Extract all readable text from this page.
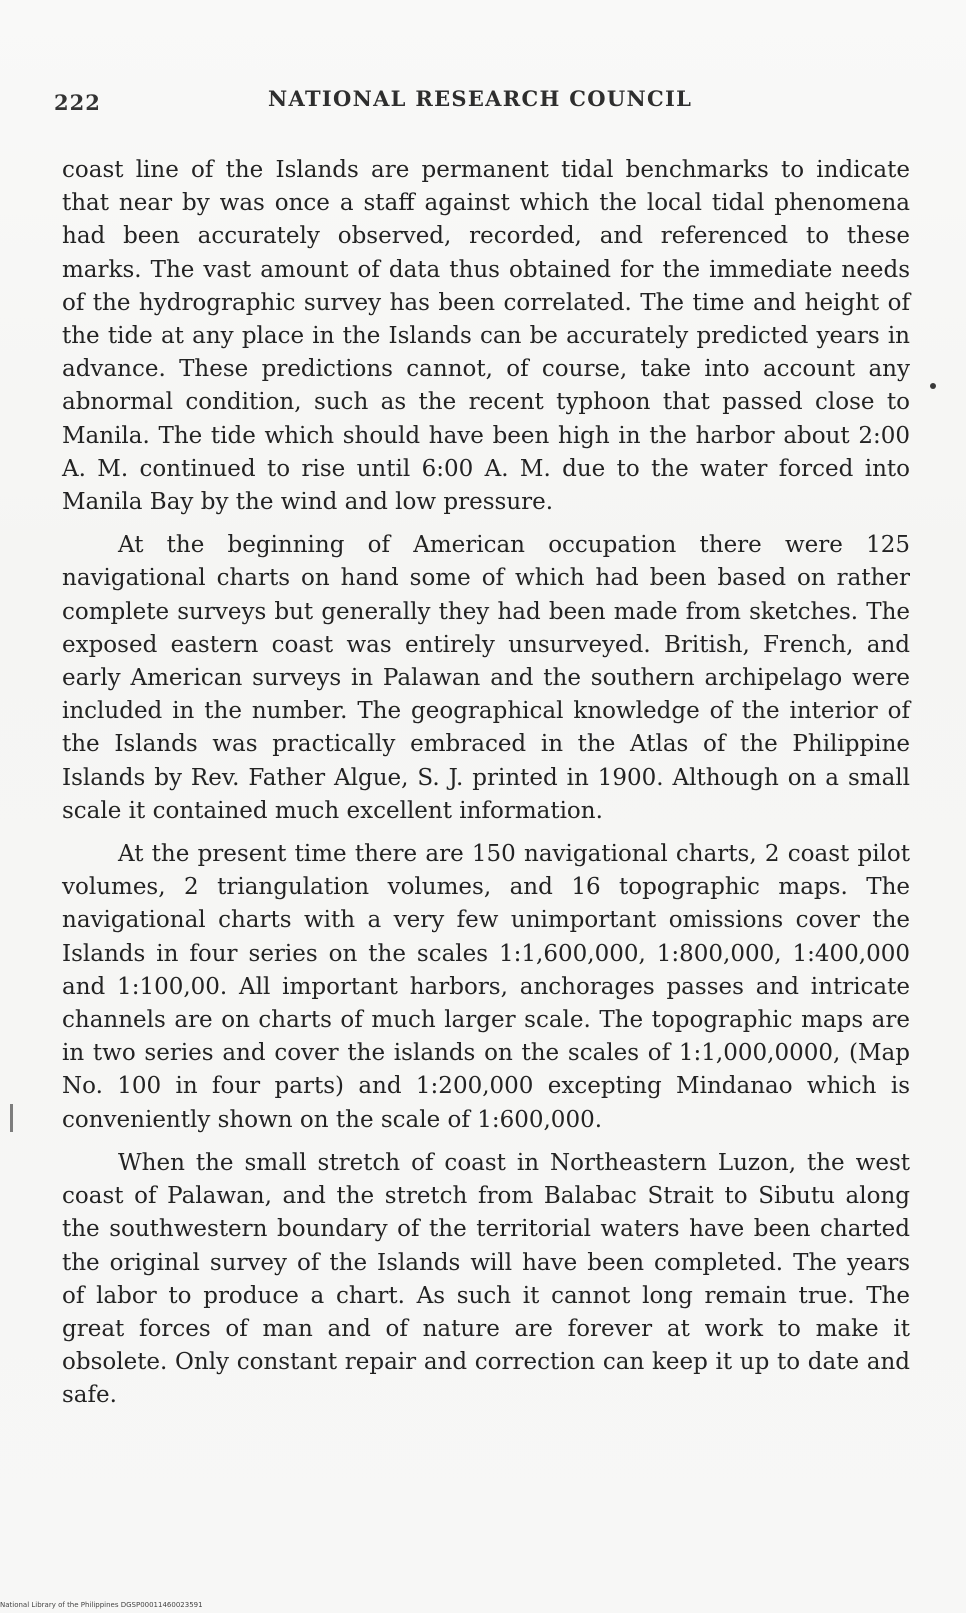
222	NATIONAL RESEARCH COUNCIL

coast line of the Islands are permanent tidal benchmarks to indicate that near by was once a staff against which the local tidal phenomena had been accurately observed, recorded, and referenced to these marks. The vast amount of data thus obtained for the immediate needs of the hydrographic survey has been correlated. The time and height of the tide at any place in the Islands can be accurately predicted years in advance. These predictions cannot, of course, take into account any abnormal condition, such as the recent typhoon that passed close to Manila. The tide which should have been high in the harbor about 2:00 A. M. continued to rise until 6:00 A. M. due to the water forced into Manila Bay by the wind and low pressure.

At the beginning of American occupation there were 125 navigational charts on hand some of which had been based on rather complete surveys but generally they had been made from sketches. The exposed eastern coast was entirely unsurveyed. British, French, and early American surveys in Palawan and the southern archipelago were included in the number. The geographical knowledge of the interior of the Islands was practically embraced in the Atlas of the Philippine Islands by Rev. Father Algue, S. J. printed in 1900. Although on a small scale it contained much excellent information.

At the present time there are 150 navigational charts, 2 coast pilot volumes, 2 triangulation volumes, and 16 topographic maps. The navigational charts with a very few unimportant omissions cover the Islands in four series on the scales 1:1,600,000, 1:800,000, 1:400,000 and 1:100,00. All important harbors, anchorages passes and intricate channels are on charts of much larger scale. The topographic maps are in two series and cover the islands on the scales of 1:1,000,0000, (Map No. 100 in four parts) and 1:200,000 excepting Mindanao which is conveniently shown on the scale of 1:600,000.

When the small stretch of coast in Northeastern Luzon, the west coast of Palawan, and the stretch from Balabac Strait to Sibutu along the southwestern boundary of the territorial waters have been charted the original survey of the Islands will have been completed. The years of labor to produce a chart. As such it cannot long remain true. The great forces of man and of nature are forever at work to make it obsolete. Only constant repair and correction can keep it up to date and safe.

National Library of the Philippines DGSP00011460023591
